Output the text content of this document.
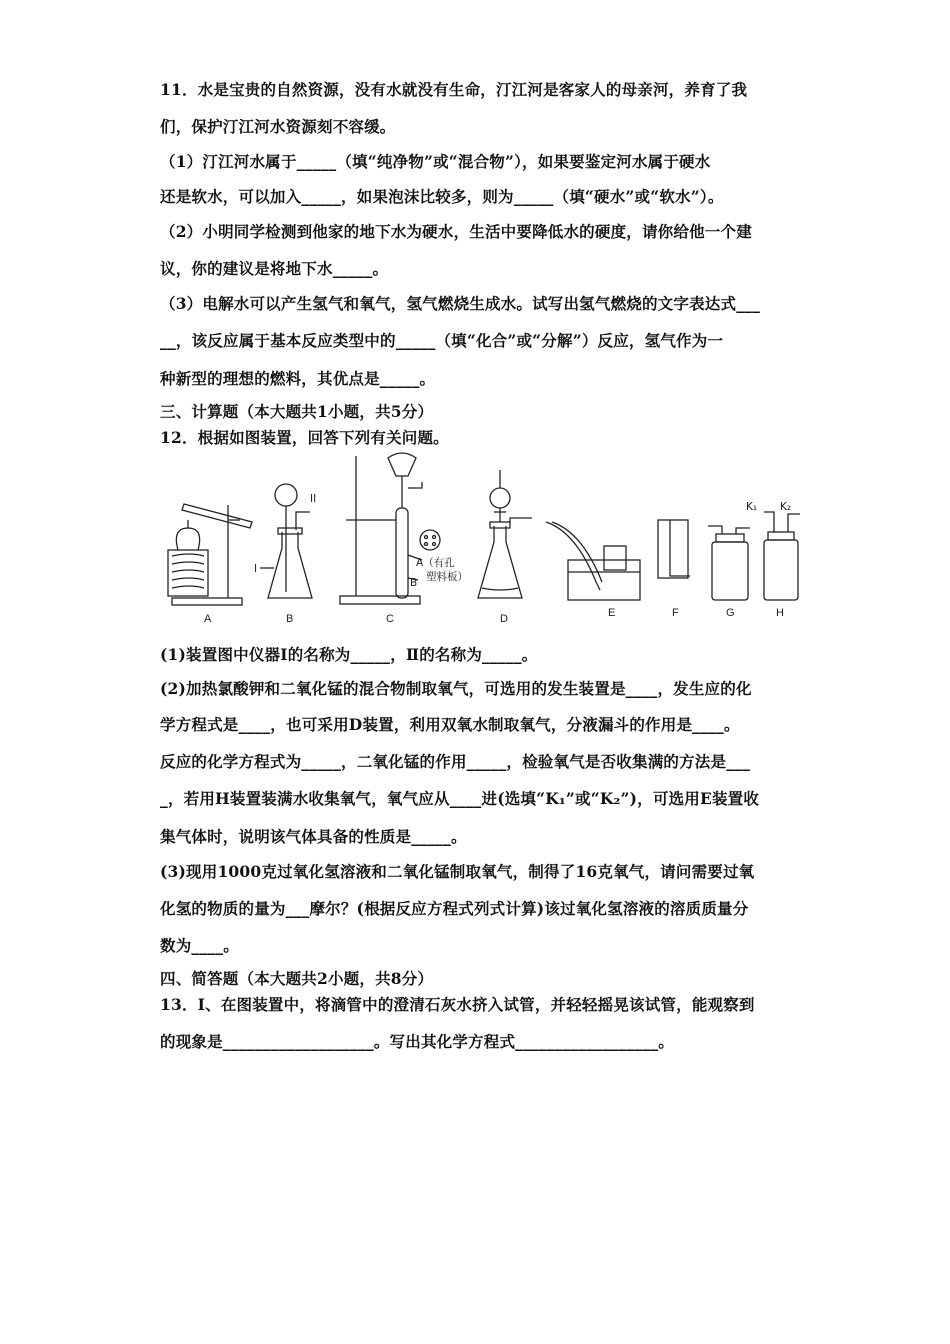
11．水是宝贵的自然资源，没有水就没有生命，汀江河是客家人的母亲河，养育了我
们，保护汀江河水资源刻不容缓。
（1）汀江河水属于_____（填“纯净物”或“混合物”），如果要鉴定河水属于硬水
还是软水，可以加入_____，如果泡沫比较多，则为_____（填“硬水”或“软水”）。
（2）小明同学检测到他家的地下水为硬水，生活中要降低水的硬度，请你给他一个建
议，你的建议是将地下水_____。
（3）电解水可以产生氢气和氧气，氢气燃烧生成水。试写出氢气燃烧的文字表达式___
__，该反应属于基本反应类型中的_____（填“化合”或“分解”）反应，氢气作为一
种新型的理想的燃料，其优点是_____。
三、计算题（本大题共1小题，共5分）
12．根据如图装置，回答下列有关问题。
A	B	C	D	E	F	G	H
I
II
A（有孔
塑料板）
B
K₁ K₂
(1)装置图中仪器Ⅰ的名称为_____，Ⅱ的名称为_____。
(2)加热氯酸钾和二氧化锰的混合物制取氧气，可选用的发生装置是____，发生应的化
学方程式是____，也可采用D装置，利用双氧水制取氧气，分液漏斗的作用是____。
反应的化学方程式为_____，二氧化锰的作用_____，检验氧气是否收集满的方法是___
_，若用H装置装满水收集氧气，氧气应从____进(选填“K₁”或“K₂”)，可选用E装置收
集气体时，说明该气体具备的性质是_____。
(3)现用1000克过氧化氢溶液和二氧化锰制取氧气，制得了16克氧气，请问需要过氧
化氢的物质的量为___摩尔？(根据反应方程式列式计算)该过氧化氢溶液的溶质质量分
数为____。
四、简答题（本大题共2小题，共8分）
13．Ⅰ、在图装置中，将滴管中的澄清石灰水挤入试管，并轻轻摇晃该试管，能观察到
的现象是___________________。写出其化学方程式__________________。
